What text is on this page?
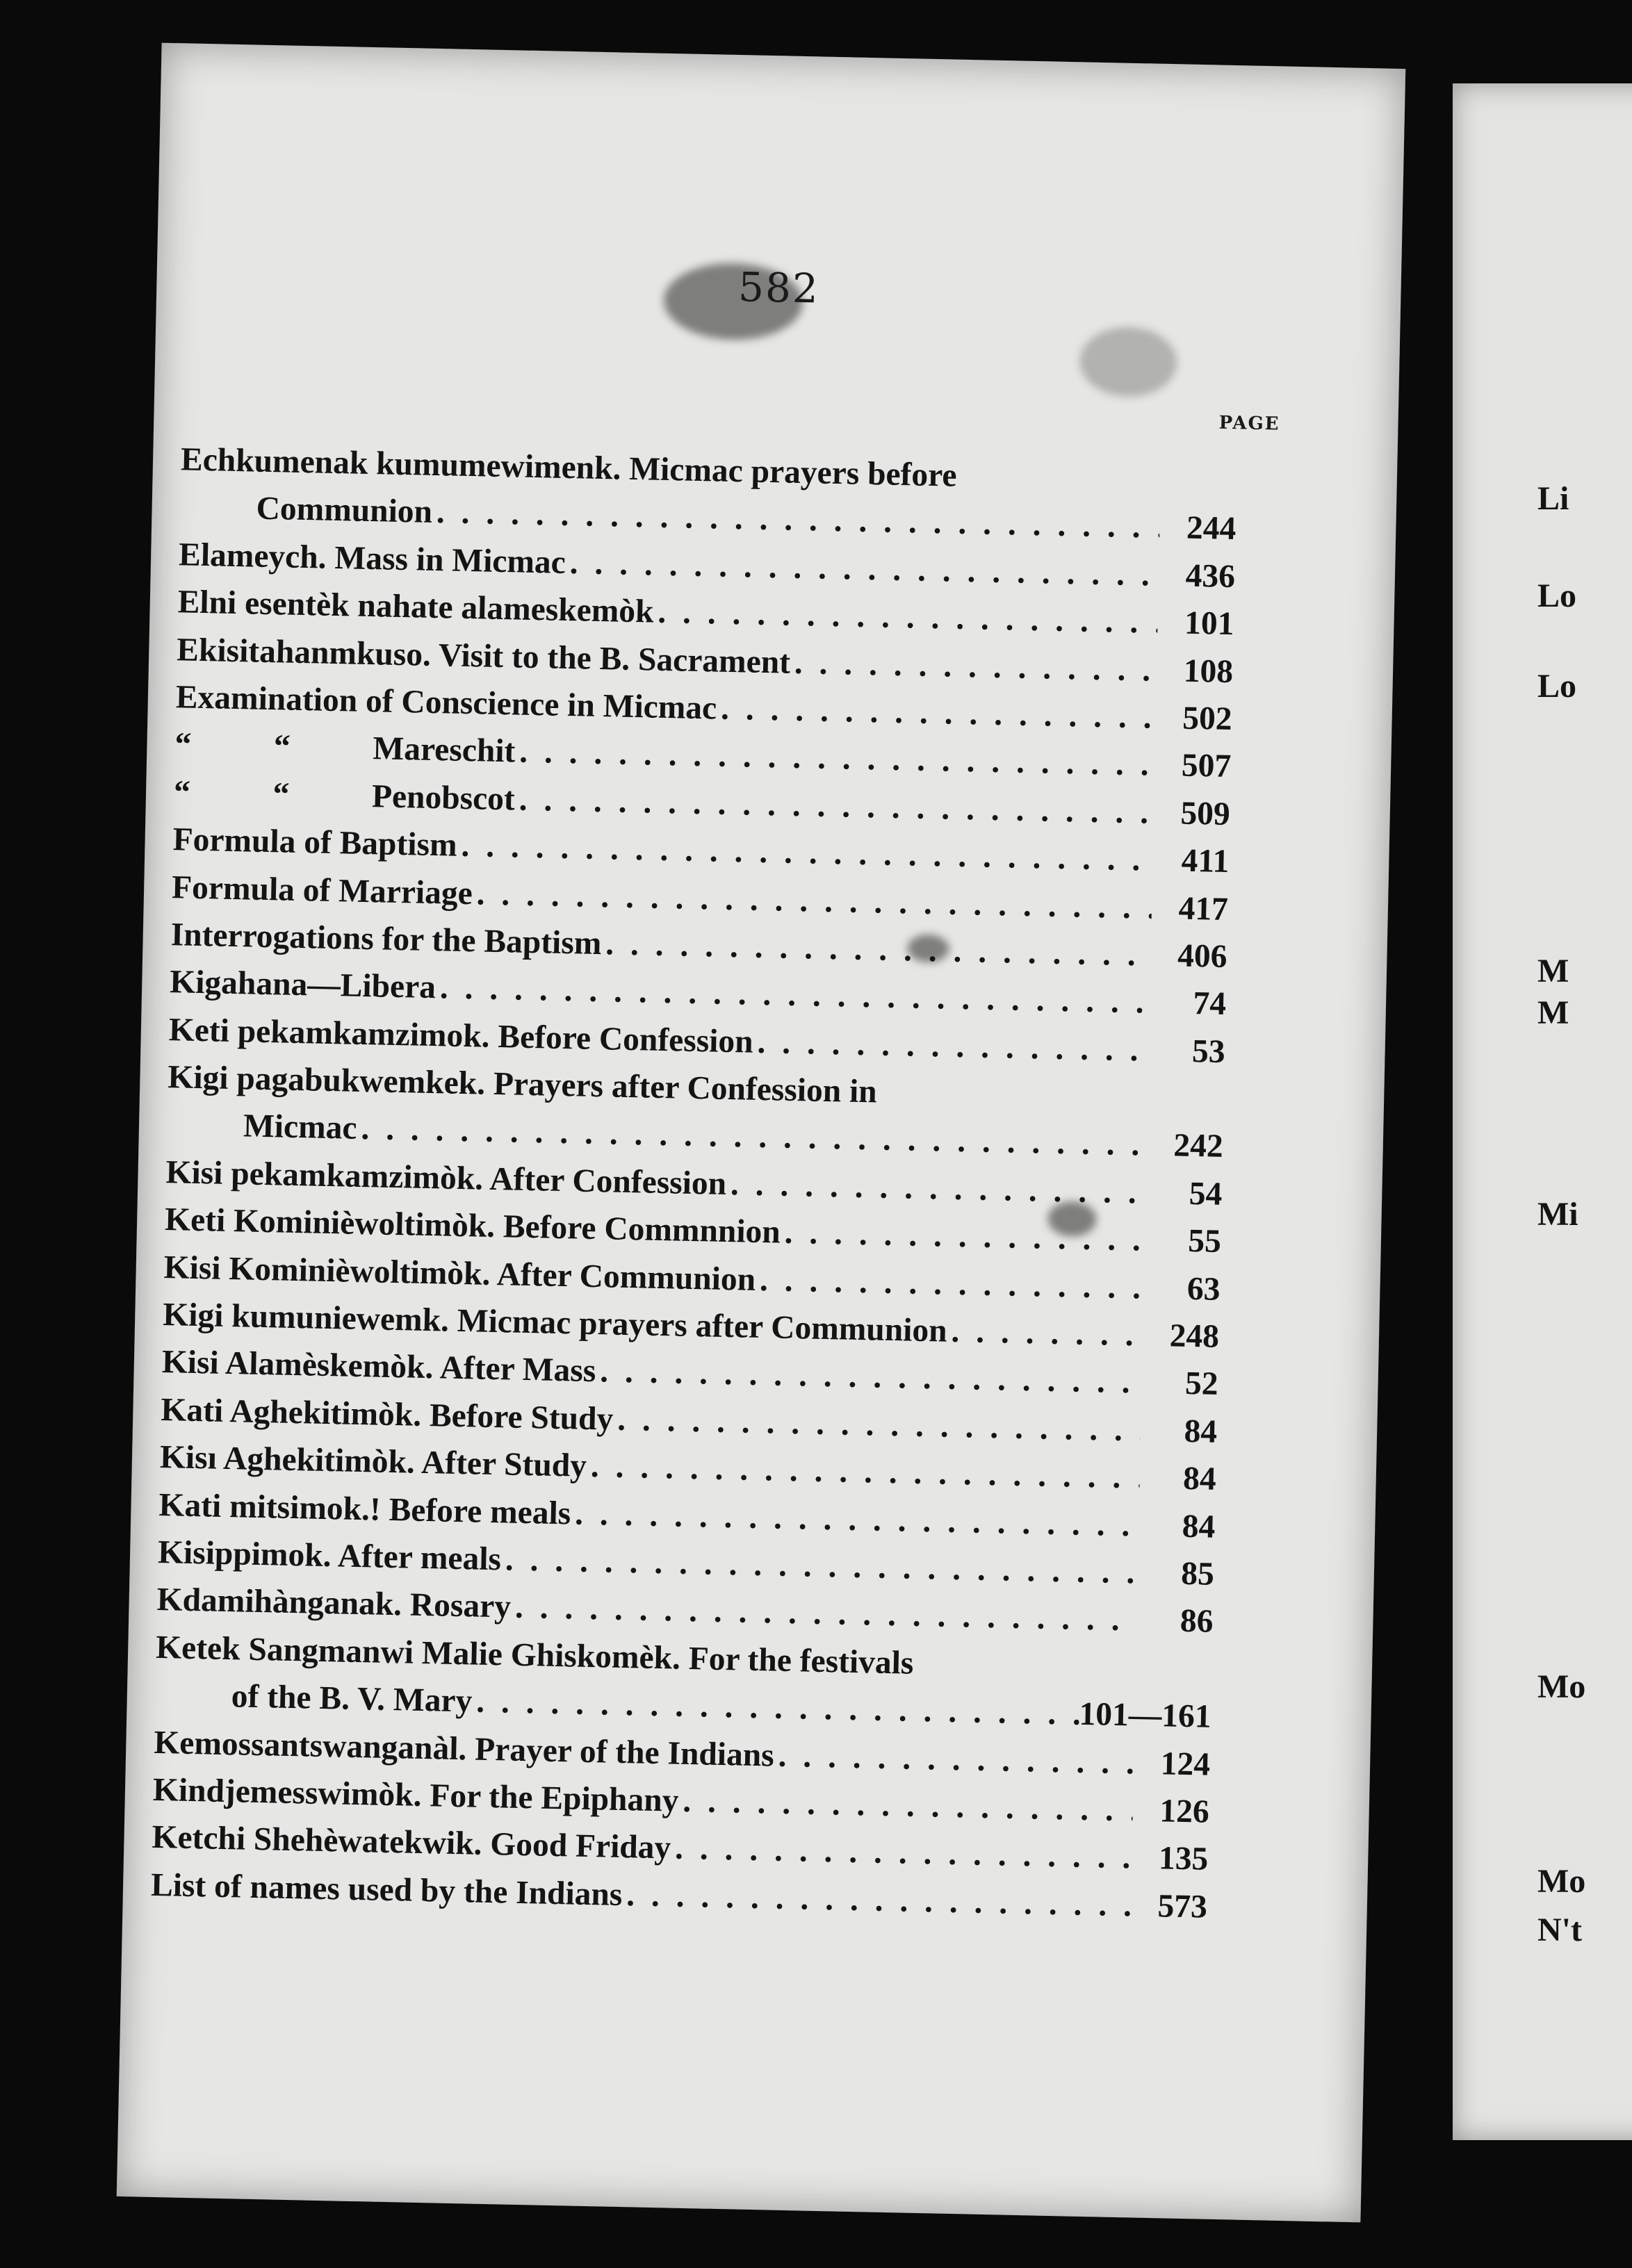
582
PAGE
Echkumenak kumumewimenk. Micmac prayers before
Communion . . .	244
Elameych. Mass in Micmac . . .	436
Elni esentèk nahate alameskemòk . . .	101
Ekisitahanmkuso. Visit to the B. Sacrament . . .	108
Examination of Conscience in Micmac . . .	502
“          “          Mareschit . . .	507
“          “          Penobscot . . .	509
Formula of Baptism . . .	411
Formula of Marriage . . .	417
Interrogations for the Baptism . . .	406
Kigahana—Libera . . .	74
Keti pekamkamzimok. Before Confession . . .	53
Kigi pagabukwemkek. Prayers after Confession in
Micmac . . .	242
Kisi pekamkamzimòk. After Confession . . .	54
Keti Kominièwoltimòk. Before Commnnion . . .	55
Kisi Kominièwoltimòk. After Communion . . .	63
Kigi kumuniewemk. Micmac prayers after Communion . . .	248
Kisi Alamèskemòk. After Mass . . .	52
Kati Aghekitimòk. Before Study . . .	84
Kisı Aghekitimòk. After Study . . .	84
Kati mitsimok.! Before meals . . .	84
Kisippimok. After meals . . .	85
Kdamihànganak. Rosary . . .	86
Ketek Sangmanwi Malie Ghiskomèk. For the festivals
of the B. V. Mary . . .	101—161
Kemossantswanganàl. Prayer of the Indians . . .	124
Kindjemesswimòk. For the Epiphany . . .	126
Ketchi Shehèwatekwik. Good Friday . . .	135
List of names used by the Indians . . .	573
Li
Lo
Lo
M
M
Mi
Mo
Mo
N't
